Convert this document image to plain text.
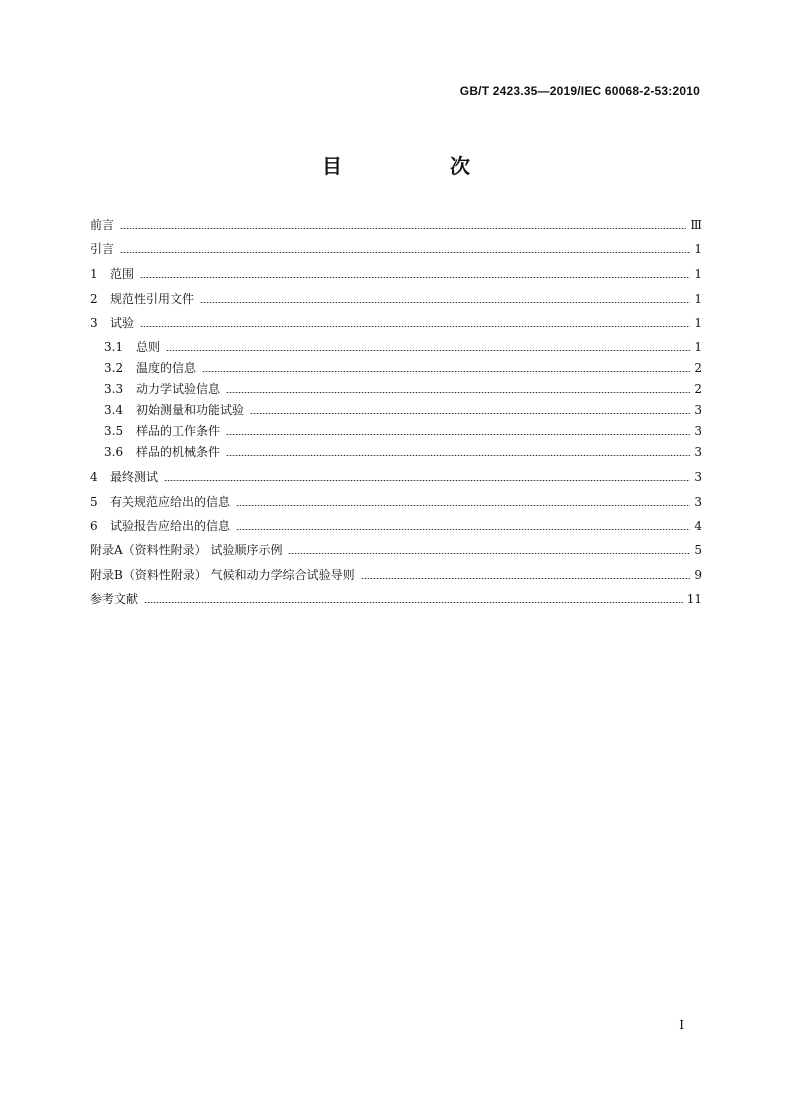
GB/T 2423.35—2019/IEC 60068-2-53:2010
目　次
前言	Ⅲ
引言	1
1 范围	1
2 规范性引用文件	1
3 试验	1
3.1 总则	1
3.2 温度的信息	2
3.3 动力学试验信息	2
3.4 初始测量和功能试验	3
3.5 样品的工作条件	3
3.6 样品的机械条件	3
4 最终测试	3
5 有关规范应给出的信息	3
6 试验报告应给出的信息	4
附录A（资料性附录） 试验顺序示例	5
附录B（资料性附录） 气候和动力学综合试验导则	9
参考文献	11
I
